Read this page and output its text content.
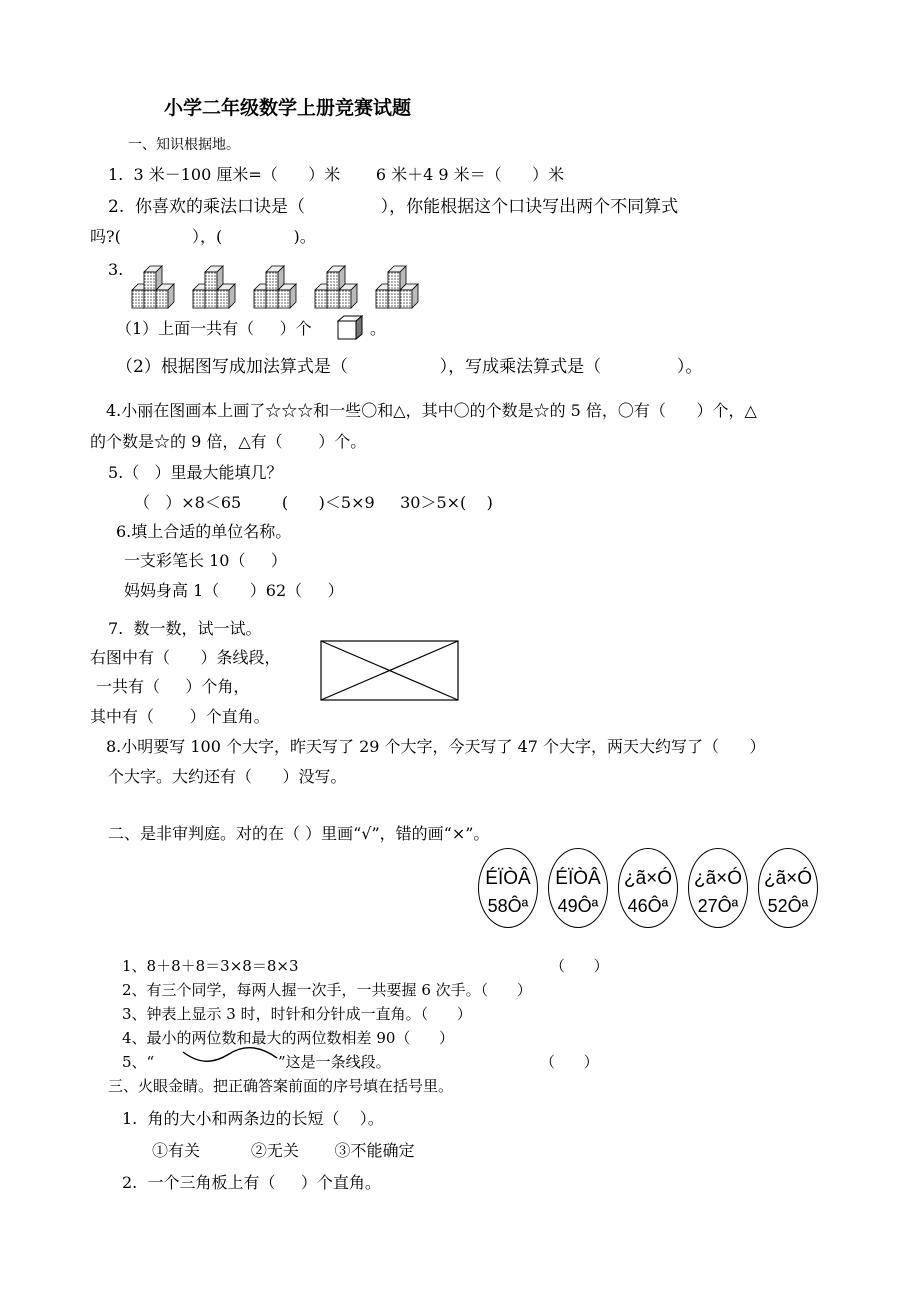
小学二年级数学上册竞赛试题
一、知识根据地。
1.  3 米－100 厘米=（      ）米       6 米＋4 9 米＝（      ）米
2.  你喜欢的乘法口诀是（              ），你能根据这个口诀写出两个不同算式
吗?(              ），(              )。
3.
（1）上面一共有（     ）个	。
（2）根据图写成加法算式是（                 ），写成乘法算式是（              ）。
4.小丽在图画本上画了☆☆☆和一些〇和△，其中〇的个数是☆的 5 倍，〇有（      ）个，△
的个数是☆的 9 倍，△有（       ）个。
5.（   ）里最大能填几？
（   ）×8＜65        (      )＜5×9     30＞5×(    )
6.填上合适的单位名称。
一支彩笔长 10（     ）
妈妈身高 1（      ）62（     ）
7.  数一数，试一试。
右图中有（      ）条线段，
一共有（     ）个角，
其中有（       ）个直角。
8.小明要写 100 个大字，昨天写了 29 个大字，今天写了 47 个大字，两天大约写了（      ）
个大字。大约还有（      ）没写。
二、是非审判庭。对的在（ ）里画“√”，错的画“×”。
ÉÏÒÂ
58Ôª
ÉÏÒÂ
49Ôª
¿ã×Ó
46Ôª
¿ã×Ó
27Ôª
¿ã×Ó
52Ôª
1、8＋8＋8＝3×8＝8×3	（      ）
2、有三个同学，每两人握一次手，一共要握 6 次手。（      ）
3、钟表上显示 3 时，时针和分针成一直角。（      ）
4、最小的两位数和最大的两位数相差 90（      ）
5、“	”这是一条线段。	（      ）
三、火眼金睛。把正确答案前面的序号填在括号里。
1.  角的大小和两条边的长短（    ）。
①有关          ②无关       ③不能确定
2.  一个三角板上有（     ）个直角。
